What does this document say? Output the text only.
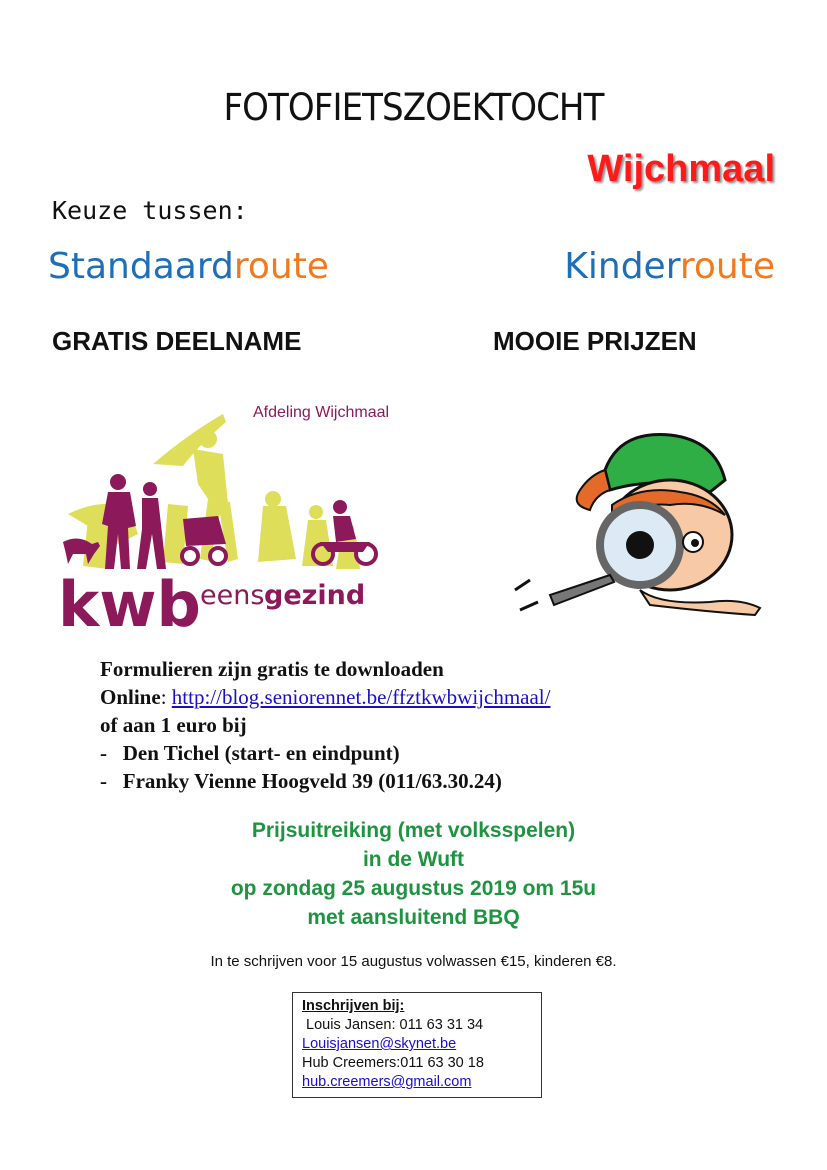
FOTOFIETSZOEKTOCHT
Wijchmaal
Keuze tussen:
Standaardroute	Kinderroute
GRATIS DEELNAME	MOOIE PRIJZEN
Afdeling Wijchmaal
kwb eens gezind
Formulieren zijn gratis te downloaden
Online: http://blog.seniorennet.be/ffztkwbwijchmaal/
of aan 1 euro bij
-   Den Tichel (start- en eindpunt)
-   Franky Vienne Hoogveld 39 (011/63.30.24)
Prijsuitreiking (met volksspelen)
in de Wuft
op zondag 25 augustus 2019 om 15u
met aansluitend BBQ
In te schrijven voor 15 augustus volwassen €15, kinderen €8.
Inschrijven bij:
Louis Jansen: 011 63 31 34
Louisjansen@skynet.be
Hub Creemers:011 63 30 18
hub.creemers@gmail.com
